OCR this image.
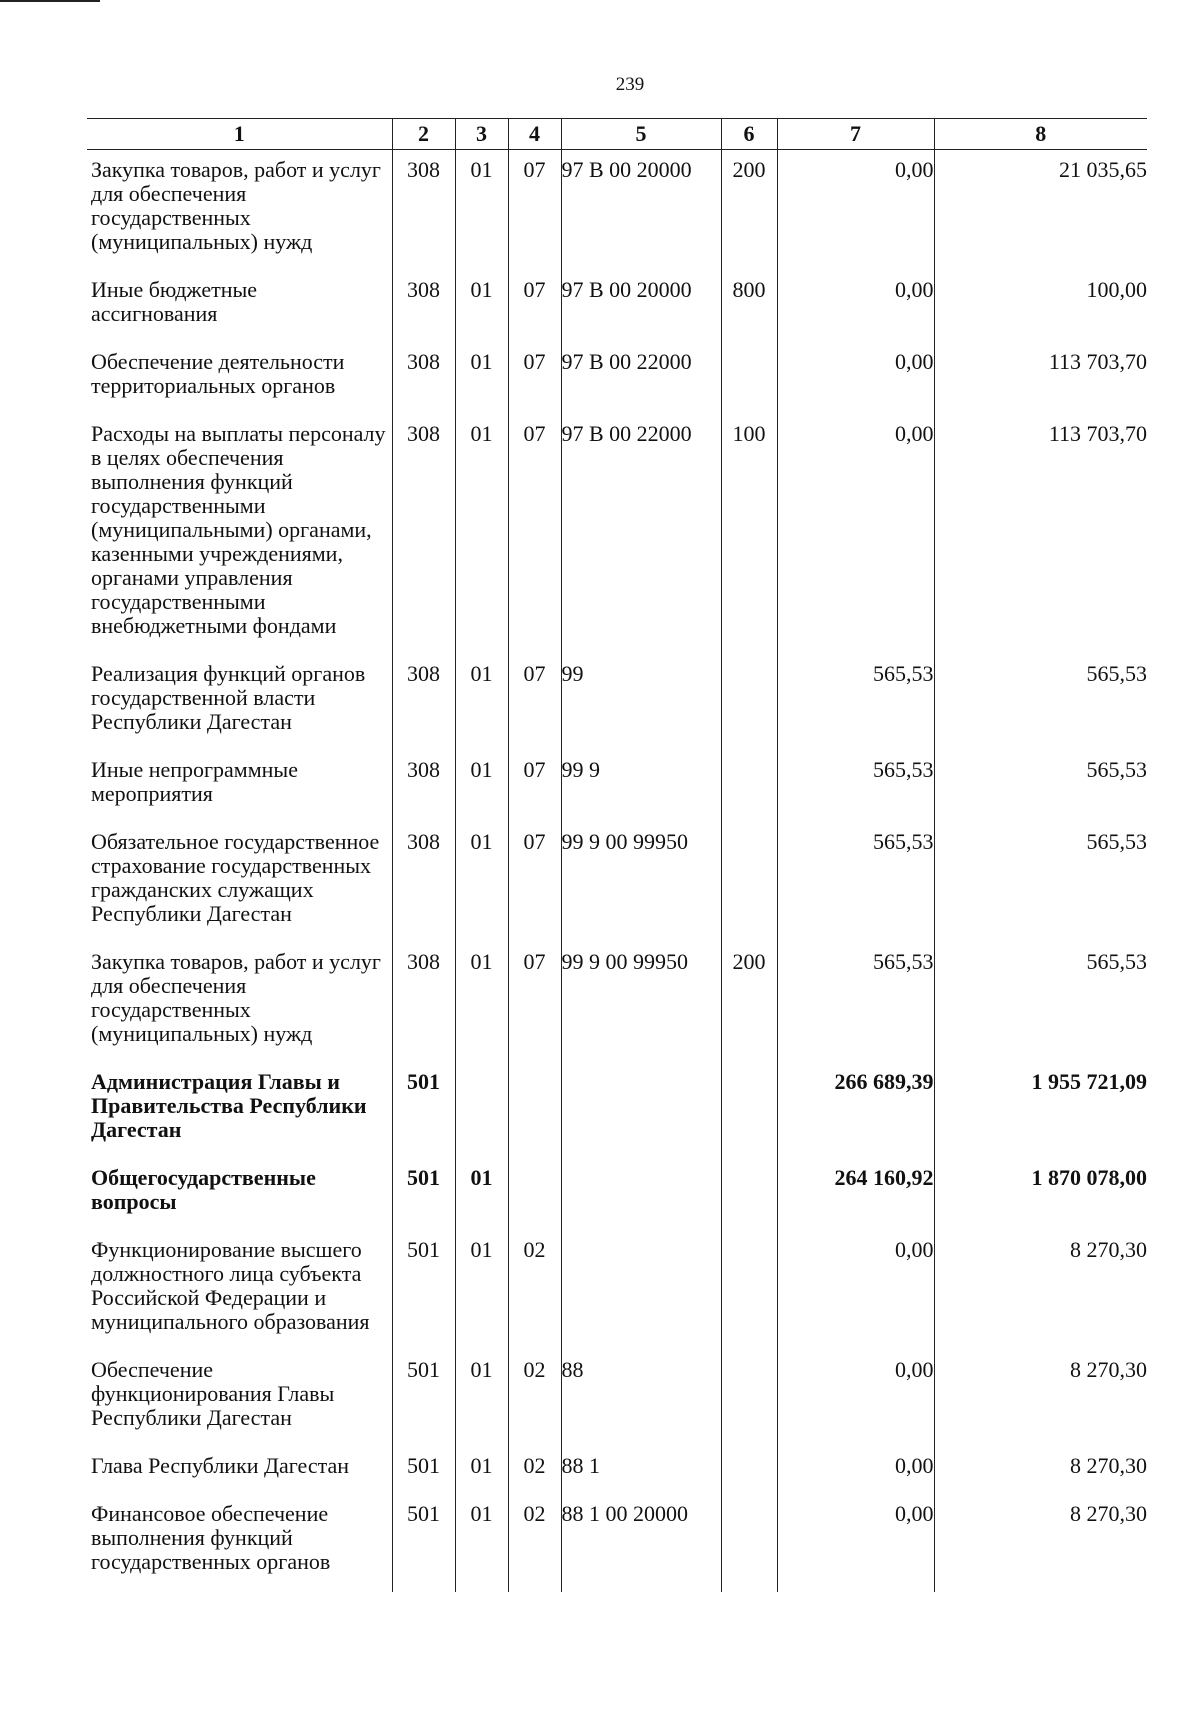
239
1	2	3	4	5	6	7	8
Закупка товаров, работ и услуг для обеспечения государственных (муниципальных) нужд	308	01	07	97 В 00 20000	200	0,00	21 035,65
Иные бюджетные ассигнования	308	01	07	97 В 00 20000	800	0,00	100,00
Обеспечение деятельности территориальных органов	308	01	07	97 В 00 22000		0,00	113 703,70
Расходы на выплаты персоналу в целях обеспечения выполнения функций государственными (муниципальными) органами, казенными учреждениями, органами управления государственными внебюджетными фондами	308	01	07	97 В 00 22000	100	0,00	113 703,70
Реализация функций органов государственной власти Республики Дагестан	308	01	07	99		565,53	565,53
Иные непрограммные мероприятия	308	01	07	99 9		565,53	565,53
Обязательное государственное страхование государственных гражданских служащих Республики Дагестан	308	01	07	99 9 00 99950		565,53	565,53
Закупка товаров, работ и услуг для обеспечения государственных (муниципальных) нужд	308	01	07	99 9 00 99950	200	565,53	565,53
Администрация Главы и Правительства Республики Дагестан	501					266 689,39	1 955 721,09
Общегосударственные вопросы	501	01				264 160,92	1 870 078,00
Функционирование высшего должностного лица субъекта Российской Федерации и муниципального образования	501	01	02			0,00	8 270,30
Обеспечение функционирования Главы Республики Дагестан	501	01	02	88		0,00	8 270,30
Глава Республики Дагестан	501	01	02	88 1		0,00	8 270,30
Финансовое обеспечение выполнения функций государственных органов	501	01	02	88 1 00 20000		0,00	8 270,30
